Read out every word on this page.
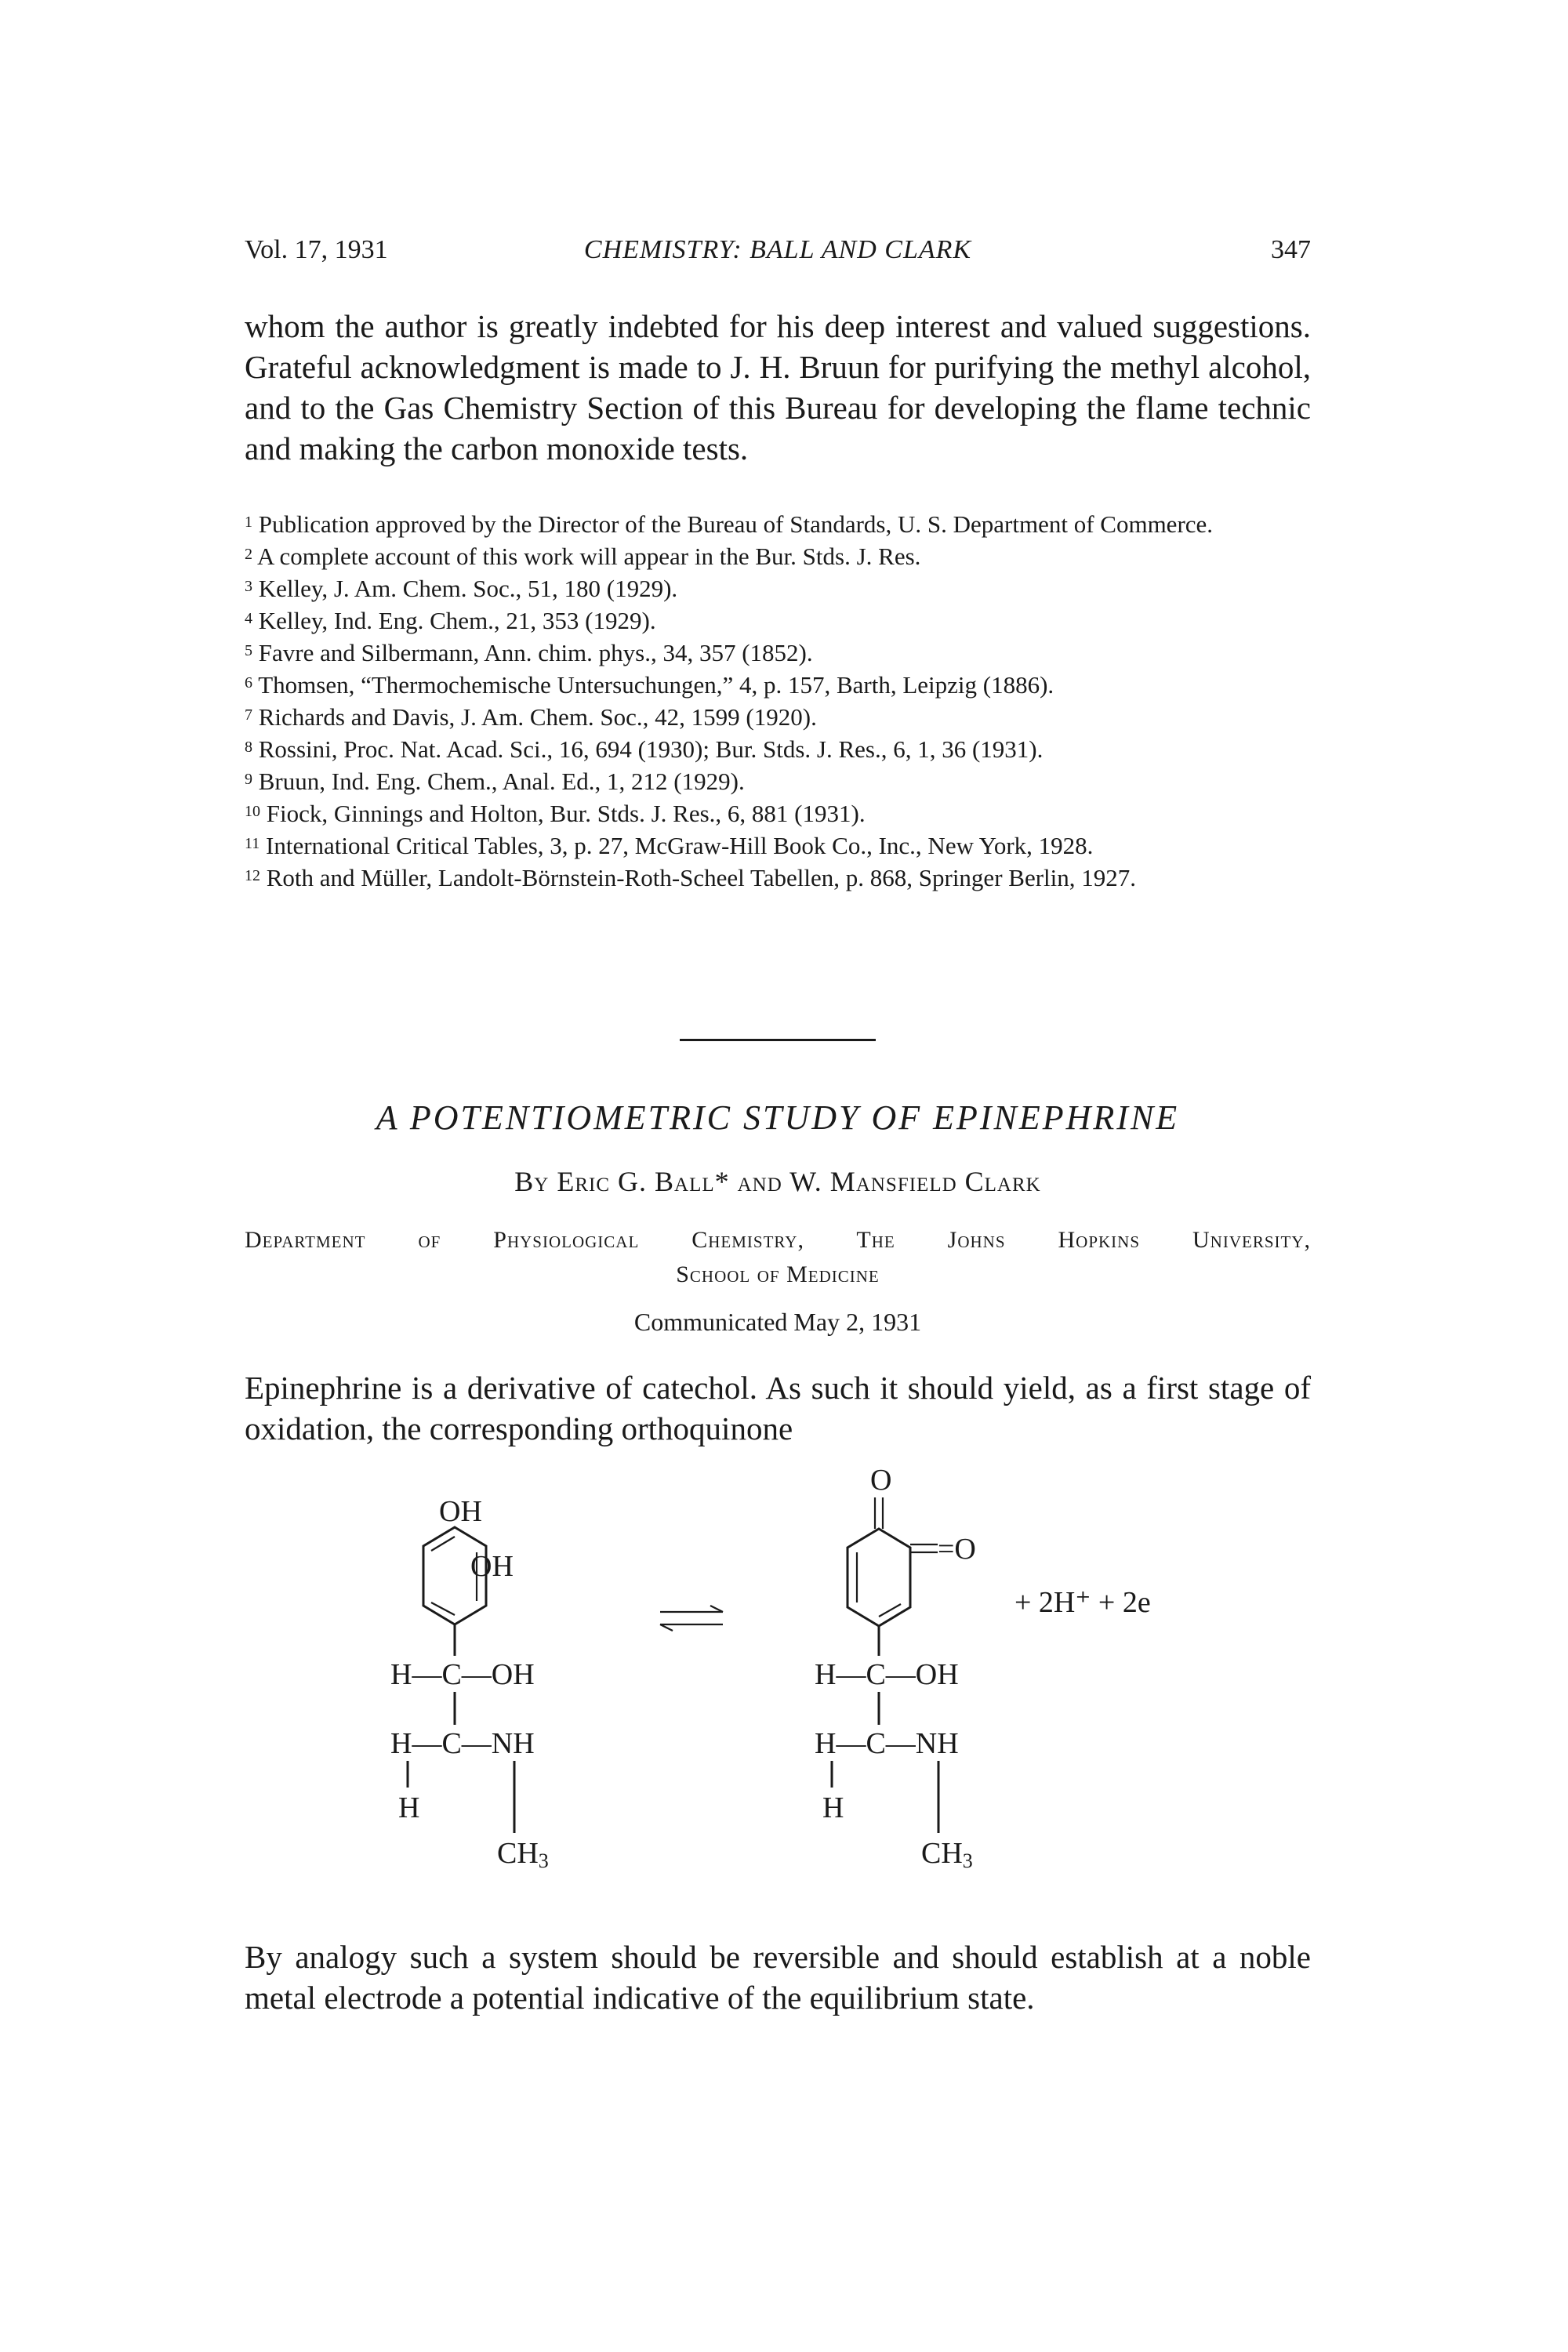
Vol. 17, 1931	CHEMISTRY: BALL AND CLARK	347
whom the author is greatly indebted for his deep interest and valued suggestions. Grateful acknowledgment is made to J. H. Bruun for purifying the methyl alcohol, and to the Gas Chemistry Section of this Bureau for developing the flame technic and making the carbon monoxide tests.
$^1$ Publication approved by the Director of the Bureau of Standards, U. S. Department of Commerce.
$^2$ A complete account of this work will appear in the Bur. Stds. J. Res.
$^3$ Kelley, J. Am. Chem. Soc., 51, 180 (1929).
$^4$ Kelley, Ind. Eng. Chem., 21, 353 (1929).
$^5$ Favre and Silbermann, Ann. chim. phys., 34, 357 (1852).
$^6$ Thomsen, “Thermochemische Untersuchungen,” 4, p. 157, Barth, Leipzig (1886).
$^7$ Richards and Davis, J. Am. Chem. Soc., 42, 1599 (1920).
$^8$ Rossini, Proc. Nat. Acad. Sci., 16, 694 (1930); Bur. Stds. J. Res., 6, 1, 36 (1931).
$^9$ Bruun, Ind. Eng. Chem., Anal. Ed., 1, 212 (1929).
$^{10}$ Fiock, Ginnings and Holton, Bur. Stds. J. Res., 6, 881 (1931).
$^{11}$ International Critical Tables, 3, p. 27, McGraw-Hill Book Co., Inc., New York, 1928.
$^{12}$ Roth and Müller, Landolt-Börnstein-Roth-Scheel Tabellen, p. 868, Springer Berlin, 1927.
A POTENTIOMETRIC STUDY OF EPINEPHRINE
By Eric G. Ball* and W. Mansfield Clark
Department of Physiological Chemistry, The Johns Hopkins University,
School of Medicine
Communicated May 2, 1931
Epinephrine is a derivative of catechol. As such it should yield, as a first stage of oxidation, the corresponding orthoquinone
OH
OH
H—C—OH
H—C—NH
H
CH3
O
=O
H—C—OH
H—C—NH
H
CH3
+ 2H⁺ + 2e
By analogy such a system should be reversible and should establish at a noble metal electrode a potential indicative of the equilibrium state.
